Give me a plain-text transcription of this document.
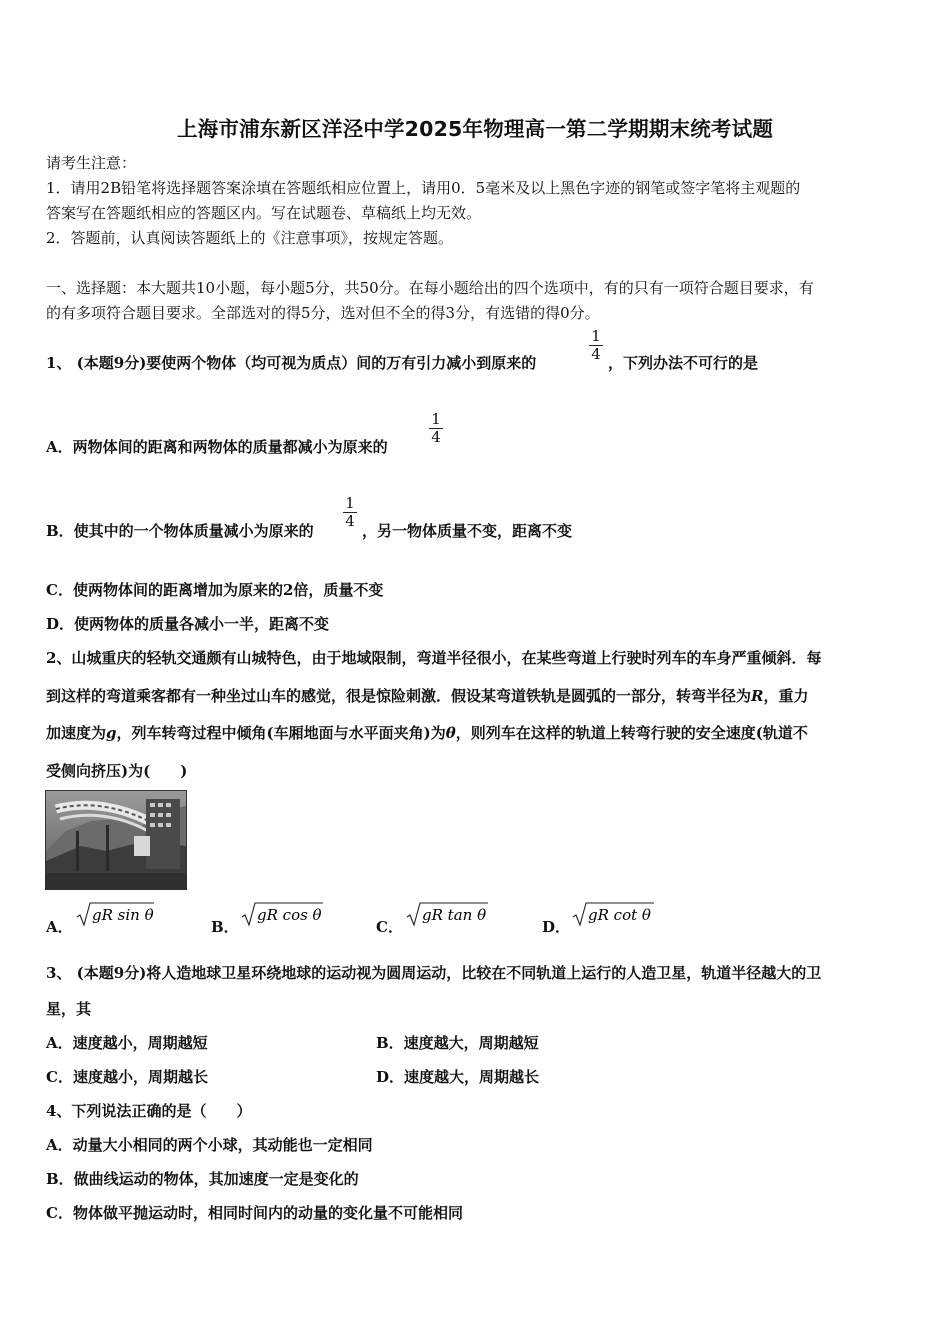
上海市浦东新区洋泾中学2025年物理高一第二学期期末统考试题
请考生注意：
1．请用2B铅笔将选择题答案涂填在答题纸相应位置上，请用0．5毫米及以上黑色字迹的钢笔或签字笔将主观题的
答案写在答题纸相应的答题区内。写在试题卷、草稿纸上均无效。
2．答题前，认真阅读答题纸上的《注意事项》，按规定答题。
一、选择题：本大题共10小题，每小题5分，共50分。在每小题给出的四个选项中，有的只有一项符合题目要求，有
的有多项符合题目要求。全部选对的得5分，选对但不全的得3分，有选错的得0分。
1、 (本题9分)要使两个物体（均可视为质点）间的万有引力减小到原来的
1
4 ，下列办法不可行的是
A．两物体间的距离和两物体的质量都减小为原来的
1
4
B．使其中的一个物体质量减小为原来的
1
4
，另一物体质量不变，距离不变
C．使两物体间的距离增加为原来的2倍，质量不变
D．使两物体的质量各减小一半，距离不变
2、山城重庆的轻轨交通颇有山城特色，由于地域限制，弯道半径很小，在某些弯道上行驶时列车的车身严重倾斜．每
到这样的弯道乘客都有一种坐过山车的感觉，很是惊险刺激．假设某弯道铁轨是圆弧的一部分，转弯半径为R，重力
加速度为g，列车转弯过程中倾角(车厢地面与水平面夹角)为θ，则列车在这样的轨道上转弯行驶的安全速度(轨道不
受侧向挤压)为(　　)
A．
gR sin θ
B．
gR cos θ
C．
gR tan θ
D．
gR cot θ
3、 (本题9分)将人造地球卫星环绕地球的运动视为圆周运动，比较在不同轨道上运行的人造卫星，轨道半径越大的卫
星，其
A．速度越小，周期越短	B．速度越大，周期越短
C．速度越小，周期越长	D．速度越大，周期越长
4、下列说法正确的是（　　）
A．动量大小相同的两个小球，其动能也一定相同
B．做曲线运动的物体，其加速度一定是变化的
C．物体做平抛运动时，相同时间内的动量的变化量不可能相同
